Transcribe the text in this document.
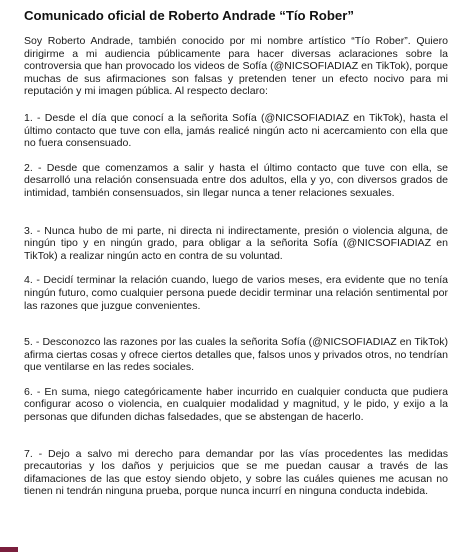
Comunicado oficial de Roberto Andrade “Tío Rober”

Soy Roberto Andrade, también conocido por mi nombre artístico “Tío Rober”. Quiero dirigirme a mi audiencia públicamente para hacer diversas aclaraciones sobre la controversia que han provocado los videos de Sofía (@NICSOFIADIAZ en TikTok), porque muchas de sus afirmaciones son falsas y pretenden tener un efecto nocivo para mi reputación y mi imagen pública. Al respecto declaro:

1. - Desde el día que conocí a la señorita Sofía (@NICSOFIADIAZ en TikTok), hasta el último contacto que tuve con ella, jamás realicé ningún acto ni acercamiento con ella que no fuera consensuado.

2. - Desde que comenzamos a salir y hasta el último contacto que tuve con ella, se desarrolló una relación consensuada entre dos adultos, ella y yo, con diversos grados de intimidad, también consensuados, sin llegar nunca a tener relaciones sexuales.

3. - Nunca hubo de mi parte, ni directa ni indirectamente, presión o violencia alguna, de ningún tipo y en ningún grado, para obligar a la señorita Sofía (@NICSOFIADIAZ en TikTok) a realizar ningún acto en contra de su voluntad.

4. - Decidí terminar la relación cuando, luego de varios meses, era evidente que no tenía ningún futuro, como cualquier persona puede decidir terminar una relación sentimental por las razones que juzgue convenientes.

5. - Desconozco las razones por las cuales la señorita Sofía (@NICSOFIADIAZ en TikTok) afirma ciertas cosas y ofrece ciertos detalles que, falsos unos y privados otros, no tendrían que ventilarse en las redes sociales.

6. - En suma, niego categóricamente haber incurrido en cualquier conducta que pudiera configurar acoso o violencia, en cualquier modalidad y magnitud, y le pido, y exijo a la personas que difunden dichas falsedades, que se abstengan de hacerlo.

7. - Dejo a salvo mi derecho para demandar por las vías procedentes las medidas precautorias y los daños y perjuicios que se me puedan causar a través de las difamaciones de las que estoy siendo objeto, y sobre las cuáles quienes me acusan no tienen ni tendrán ninguna prueba, porque nunca incurrí en ninguna conducta indebida.
